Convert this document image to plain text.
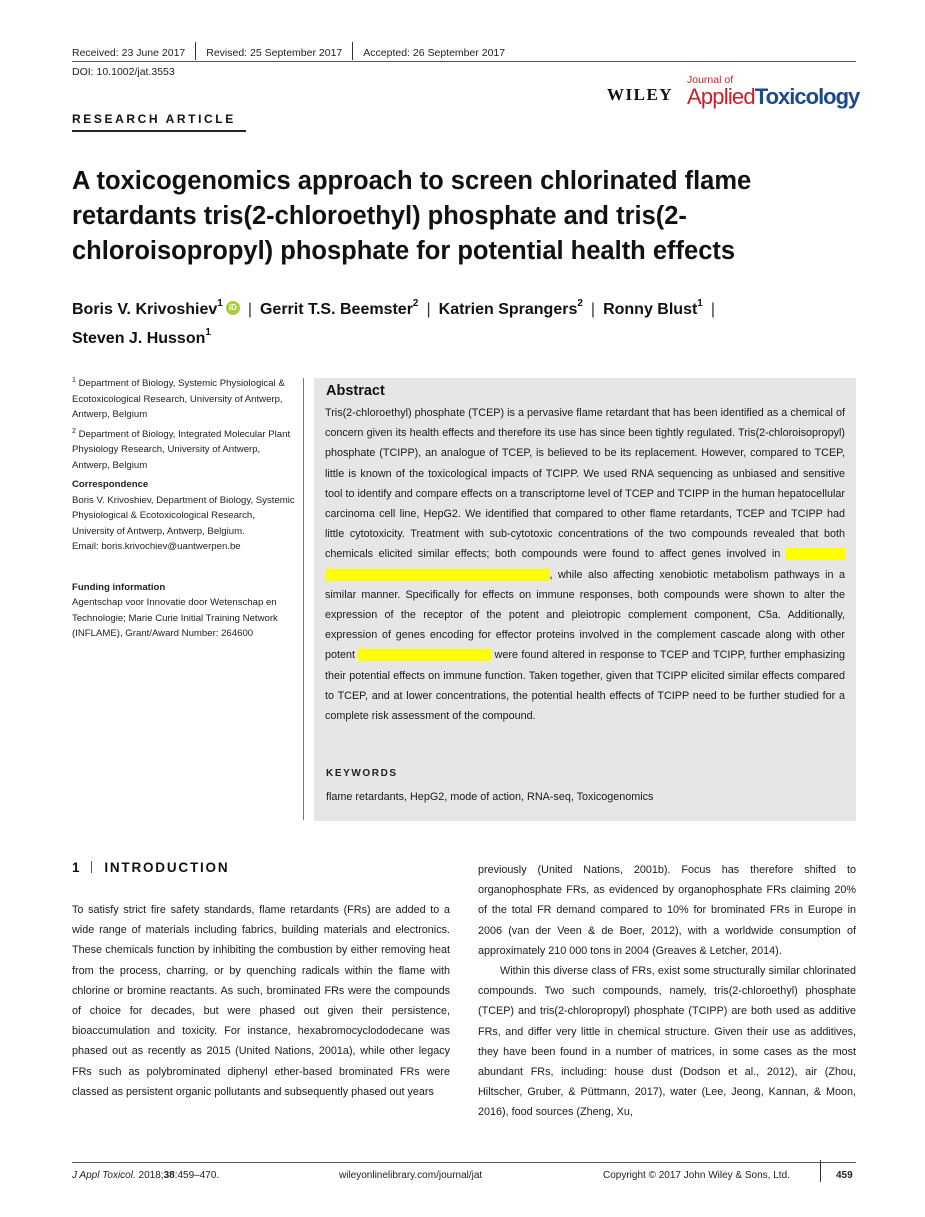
Received: 23 June 2017 Revised: 25 September 2017 Accepted: 26 September 2017
DOI: 10.1002/jat.3553
WILEY
Journal of
AppliedToxicology
RESEARCH ARTICLE
A toxicogenomics approach to screen chlorinated flame retardants tris(2-chloroethyl) phosphate and tris(2-chloroisopropyl) phosphate for potential health effects
Boris V. Krivoshiev$^1$ iD | Gerrit T.S. Beemster$^2$ | Katrien Sprangers$^2$ | Ronny Blust$^1$ |
Steven J. Husson$^1$

$^1$ Department of Biology, Systemic Physiological & Ecotoxicological Research, University of Antwerp, Antwerp, Belgium

$^2$ Department of Biology, Integrated Molecular Plant Physiology Research, University of Antwerp, Antwerp, Belgium

Correspondence

Boris V. Krivoshiev, Department of Biology, Systemic Physiological & Ecotoxicological Research, University of Antwerp, Antwerp, Belgium.

Email: boris.krivochiev@uantwerpen.be

Funding information

Agentschap voor Innovatie door Wetenschap en Technologie; Marie Curie Initial Training Network (INFLAME), Grant/Award Number: 264600

Abstract
Tris(2-chloroethyl) phosphate (TCEP) is a pervasive flame retardant that has been identified as a chemical of concern given its health effects and therefore its use has since been tightly regulated. Tris(2-chloroisopropyl) phosphate (TCIPP), an analogue of TCEP, is believed to be its replacement. However, compared to TCEP, little is known of the toxicological impacts of TCIPP. We used RNA sequencing as unbiased and sensitive tool to identify and compare effects on a transcriptome level of TCEP and TCIPP in the human hepatocellular carcinoma cell line, HepG2. We identified that compared to other flame retardants, TCEP and TCIPP had little cytotoxicity. Treatment with sub-cytotoxic concentrations of the two compounds revealed that both chemicals elicited similar effects; both compounds were found to affect genes involved in the immune response, cell proliferation and differentiation, while also affecting xenobiotic metabolism pathways in a similar manner. Specifically for effects on immune responses, both compounds were shown to alter the expression of the receptor of the potent and pleiotropic complement component, C5a. Additionally, expression of genes encoding for effector proteins involved in the complement cascade along with other potent immune system modulators were found altered in response to TCEP and TCIPP, further emphasizing their potential effects on immune function. Taken together, given that TCIPP elicited similar effects compared to TCEP, and at lower concentrations, the potential health effects of TCIPP need to be further studied for a complete risk assessment of the compound.
KEYWORDS
flame retardants, HepG2, mode of action, RNA-seq, Toxicogenomics
1 INTRODUCTION

To satisfy strict fire safety standards, flame retardants (FRs) are added to a wide range of materials including fabrics, building materials and electronics. These chemicals function by inhibiting the combustion by either removing heat from the process, charring, or by quenching radicals within the flame with chlorine or bromine reactants. As such, brominated FRs were the compounds of choice for decades, but were phased out given their persistence, bioaccumulation and toxicity. For instance, hexabromocyclododecane was phased out as recently as 2015 (United Nations, 2001a), while other legacy FRs such as polybrominated diphenyl ether-based brominated FRs were classed as persistent organic pollutants and subsequently phased out years

previously (United Nations, 2001b). Focus has therefore shifted to organophosphate FRs, as evidenced by organophosphate FRs claiming 20% of the total FR demand compared to 10% for brominated FRs in Europe in 2006 (van der Veen & de Boer, 2012), with a worldwide consumption of approximately 210 000 tons in 2004 (Greaves & Letcher, 2014).

Within this diverse class of FRs, exist some structurally similar chlorinated compounds. Two such compounds, namely, tris(2-chloroethyl) phosphate (TCEP) and tris(2-chloropropyl) phosphate (TCIPP) are both used as additive FRs, and differ very little in chemical structure. Given their use as additives, they have been found in a number of matrices, in some cases as the most abundant FRs, including: house dust (Dodson et al., 2012), air (Zhou, Hiltscher, Gruber, & Püttmann, 2017), water (Lee, Jeong, Kannan, & Moon, 2016), food sources (Zheng, Xu,

J Appl Toxicol. 2018;38:459–470.	wileyonlinelibrary.com/journal/jat	Copyright © 2017 John Wiley & Sons, Ltd.	459
